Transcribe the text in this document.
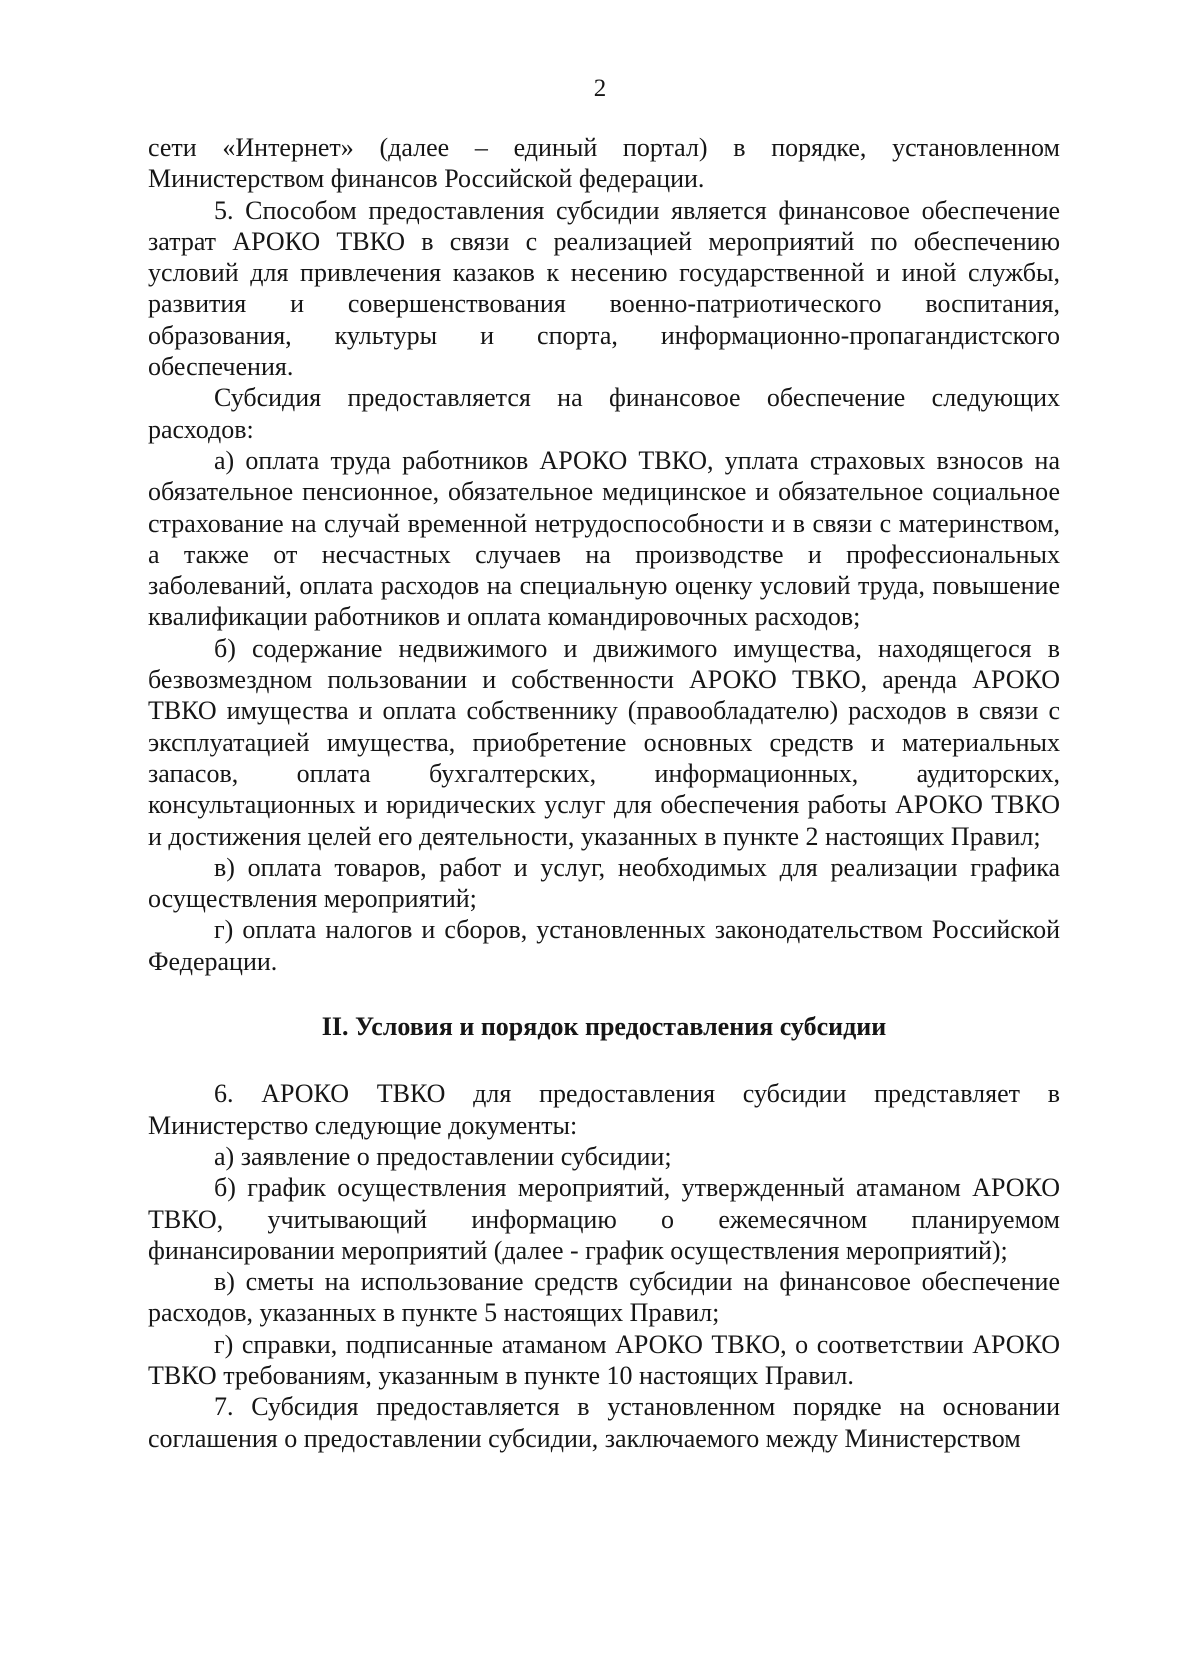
2

сети «Интернет» (далее – единый портал) в порядке, установленном Министерством финансов Российской федерации.

5. Способом предоставления субсидии является финансовое обеспечение затрат АРОКО ТВКО в связи с реализацией мероприятий по обеспечению условий для привлечения казаков к несению государственной и иной службы, развития и совершенствования военно-патриотического воспитания, образования, культуры и спорта, информационно-пропагандистского обеспечения.

Субсидия предоставляется на финансовое обеспечение следующих расходов:

а) оплата труда работников АРОКО ТВКО, уплата страховых взносов на обязательное пенсионное, обязательное медицинское и обязательное социальное страхование на случай временной нетрудоспособности и в связи с материнством, а также от несчастных случаев на производстве и профессиональных заболеваний, оплата расходов на специальную оценку условий труда, повышение квалификации работников и оплата командировочных расходов;

б) содержание недвижимого и движимого имущества, находящегося в безвозмездном пользовании и собственности АРОКО ТВКО, аренда АРОКО ТВКО имущества и оплата собственнику (правообладателю) расходов в связи с эксплуатацией имущества, приобретение основных средств и материальных запасов, оплата бухгалтерских, информационных, аудиторских, консультационных и юридических услуг для обеспечения работы АРОКО ТВКО и достижения целей его деятельности, указанных в пункте 2 настоящих Правил;

в) оплата товаров, работ и услуг, необходимых для реализации графика осуществления мероприятий;

г) оплата налогов и сборов, установленных законодательством Российской Федерации.

II. Условия и порядок предоставления субсидии

6. АРОКО ТВКО для предоставления субсидии представляет в Министерство следующие документы:

а) заявление о предоставлении субсидии;

б) график осуществления мероприятий, утвержденный атаманом АРОКО ТВКО, учитывающий информацию о ежемесячном планируемом финансировании мероприятий (далее - график осуществления мероприятий);

в) сметы на использование средств субсидии на финансовое обеспечение расходов, указанных в пункте 5 настоящих Правил;

г) справки, подписанные атаманом АРОКО ТВКО, о соответствии АРОКО ТВКО требованиям, указанным в пункте 10 настоящих Правил.

7. Субсидия предоставляется в установленном порядке на основании соглашения о предоставлении субсидии, заключаемого между Министерством
